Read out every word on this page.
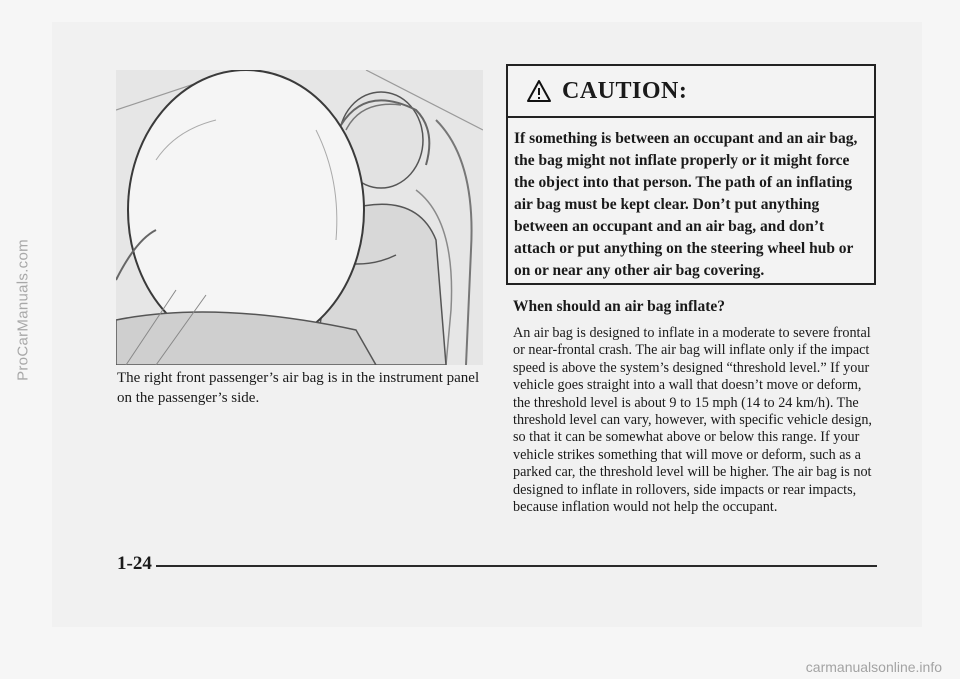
ProCarManuals.com	The right front passenger’s air bag is in the instrument panel on the passenger’s side.
CAUTION:
If something is between an occupant and an air bag, the bag might not inflate properly or it might force the object into that person. The path of an inflating air bag must be kept clear. Don’t put anything between an occupant and an air bag, and don’t attach or put anything on the steering wheel hub or on or near any other air bag covering.
When should an air bag inflate?
An air bag is designed to inflate in a moderate to severe frontal or near-frontal crash. The air bag will inflate only if the impact speed is above the system’s designed “threshold level.” If your vehicle goes straight into a wall that doesn’t move or deform, the threshold level is about 9 to 15 mph (14 to 24 km/h). The threshold level can vary, however, with specific vehicle design, so that it can be somewhat above or below this range. If your vehicle strikes something that will move or deform, such as a parked car, the threshold level will be higher. The air bag is not designed to inflate in rollovers, side impacts or rear impacts, because inflation would not help the occupant.
1-24
carmanualsonline.info
